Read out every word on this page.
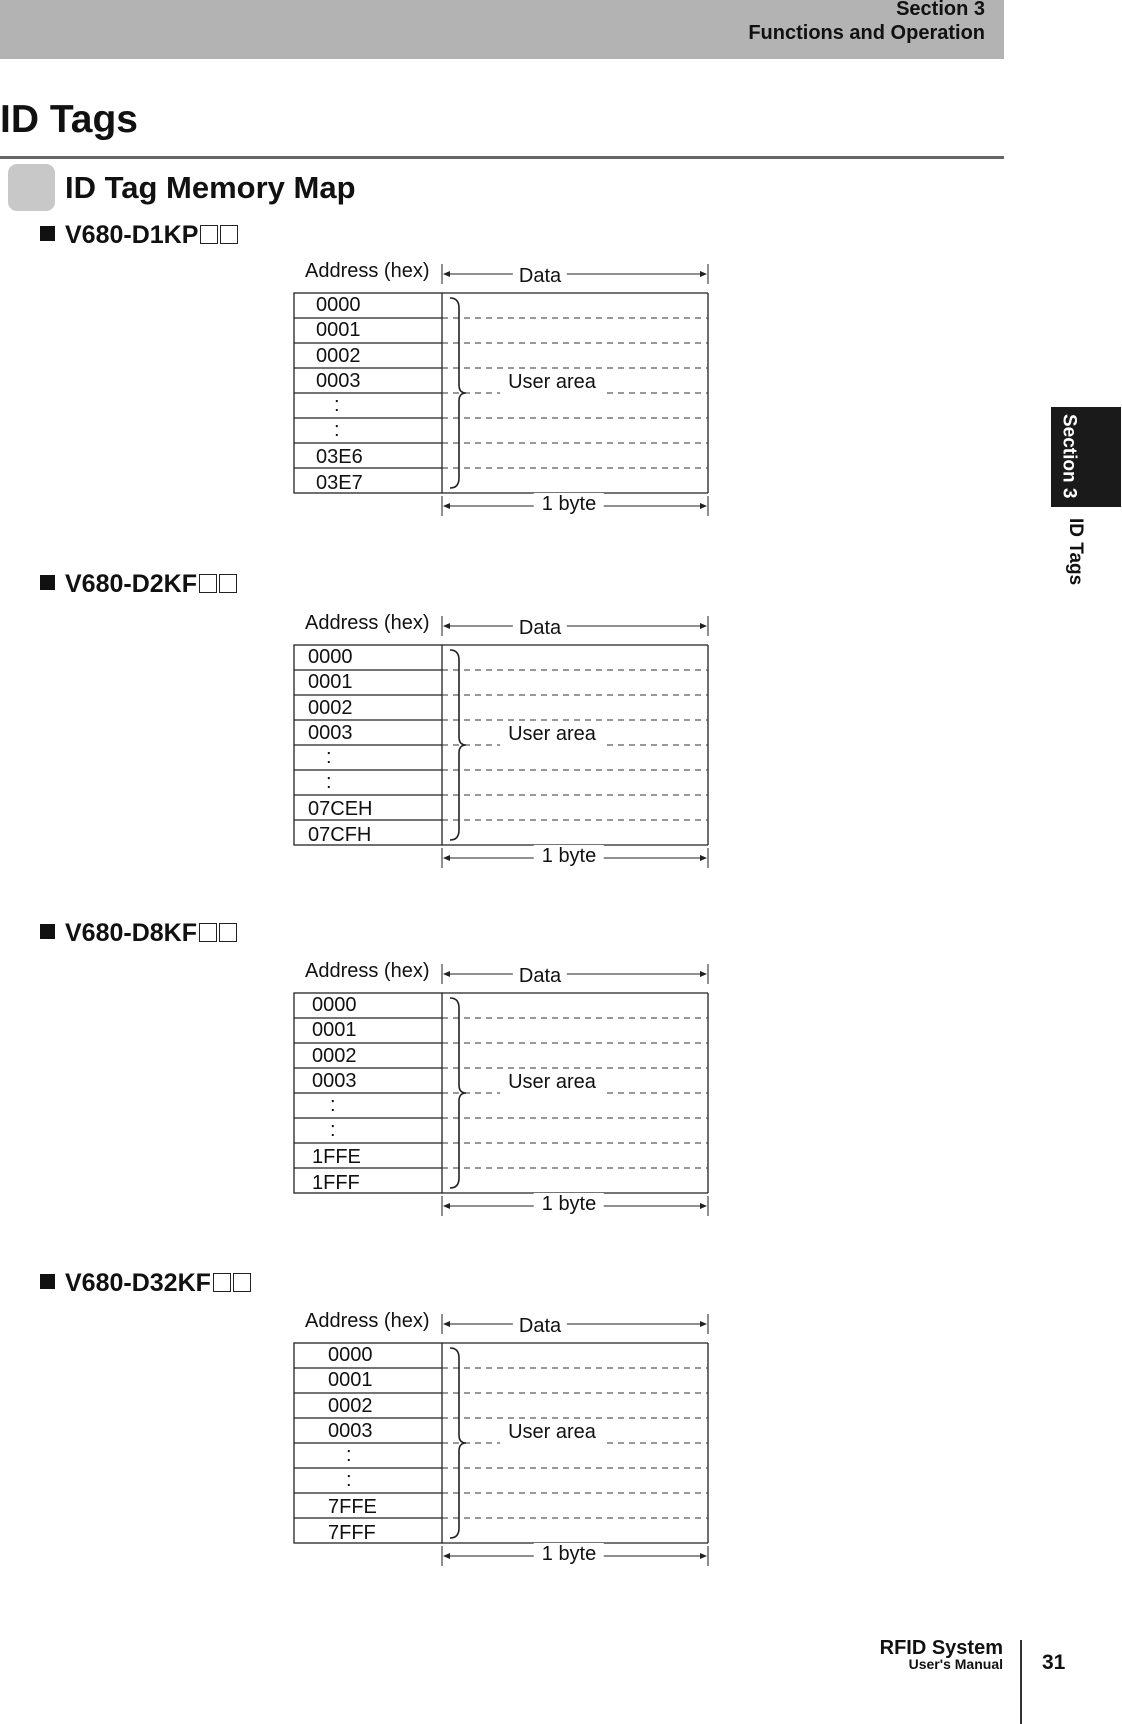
Section 3
Functions and Operation
ID Tags
ID Tag Memory Map
V680-D1KP
Address (hex)	Data
User area
1 byte
0000
0001
0002
0003
:
:
03E6
03E7
V680-D2KF
Address (hex)	Data
User area
1 byte
0000
0001
0002
0003
:
:
07CEH
07CFH
V680-D8KF
Address (hex)	Data
User area
1 byte
0000
0001
0002
0003
:
:
1FFE
1FFF
V680-D32KF
Address (hex)	Data
User area
1 byte
0000
0001
0002
0003
:
:
7FFE
7FFF
Section 3
ID Tags
RFID System
User's Manual 31
